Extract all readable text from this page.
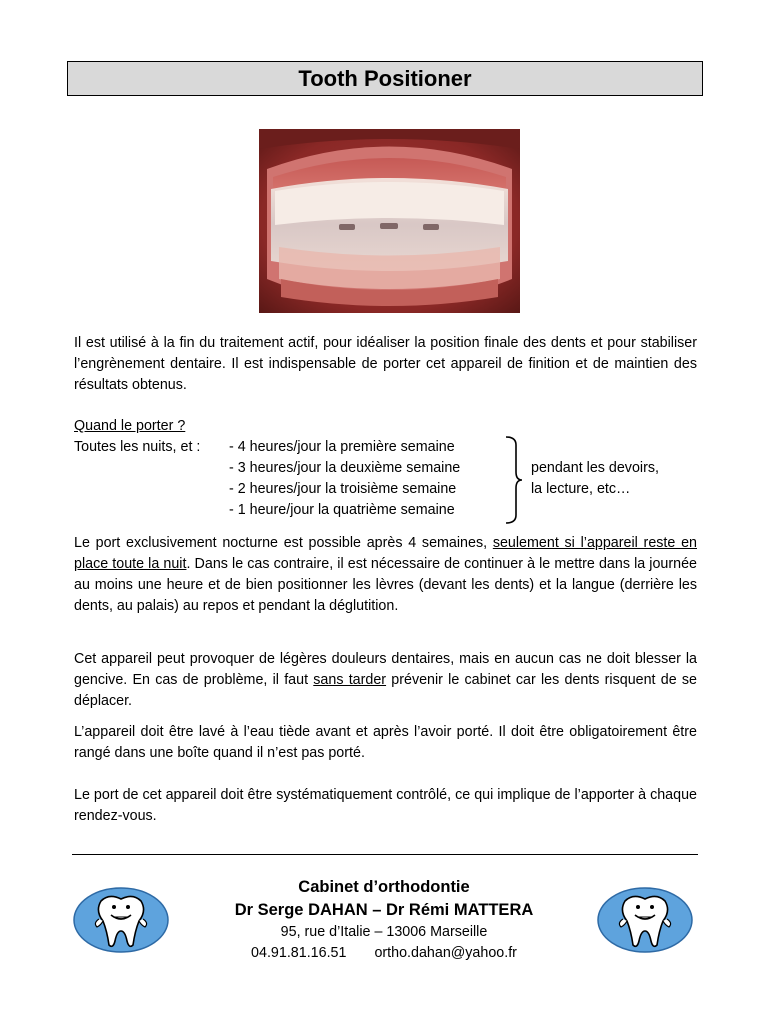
Tooth Positioner

Il est utilisé à la fin du traitement actif, pour idéaliser la position finale des dents et pour stabiliser l’engrènement dentaire. Il est indispensable de porter cet appareil de finition et de maintien des résultats obtenus.

Quand le porter ?
Toutes les nuits, et : - 4 heures/jour la première semaine
- 3 heures/jour la deuxième semaine
- 2 heures/jour la troisième semaine
- 1 heure/jour la quatrième semaine
pendant les devoirs,
la lecture, etc…

Le port exclusivement nocturne est possible après 4 semaines, seulement si l’appareil reste en place toute la nuit. Dans le cas contraire, il est nécessaire de continuer à le mettre dans la journée au moins une heure et de bien positionner les lèvres (devant les dents) et la langue (derrière les dents, au palais) au repos et pendant la déglutition.

Cet appareil peut provoquer de légères douleurs dentaires, mais en aucun cas ne doit blesser la gencive. En cas de problème, il faut sans tarder prévenir le cabinet car les dents risquent de se déplacer.

L’appareil doit être lavé à l’eau tiède avant et après l’avoir porté. Il doit être obligatoirement être rangé dans une boîte quand il n’est pas porté.

Le port de cet appareil doit être systématiquement contrôlé, ce qui implique de l’apporter à chaque rendez-vous.

Cabinet d’orthodontie
Dr Serge DAHAN – Dr Rémi MATTERA
95, rue d’Italie – 13006 Marseille
04.91.81.16.51 ortho.dahan@yahoo.fr
